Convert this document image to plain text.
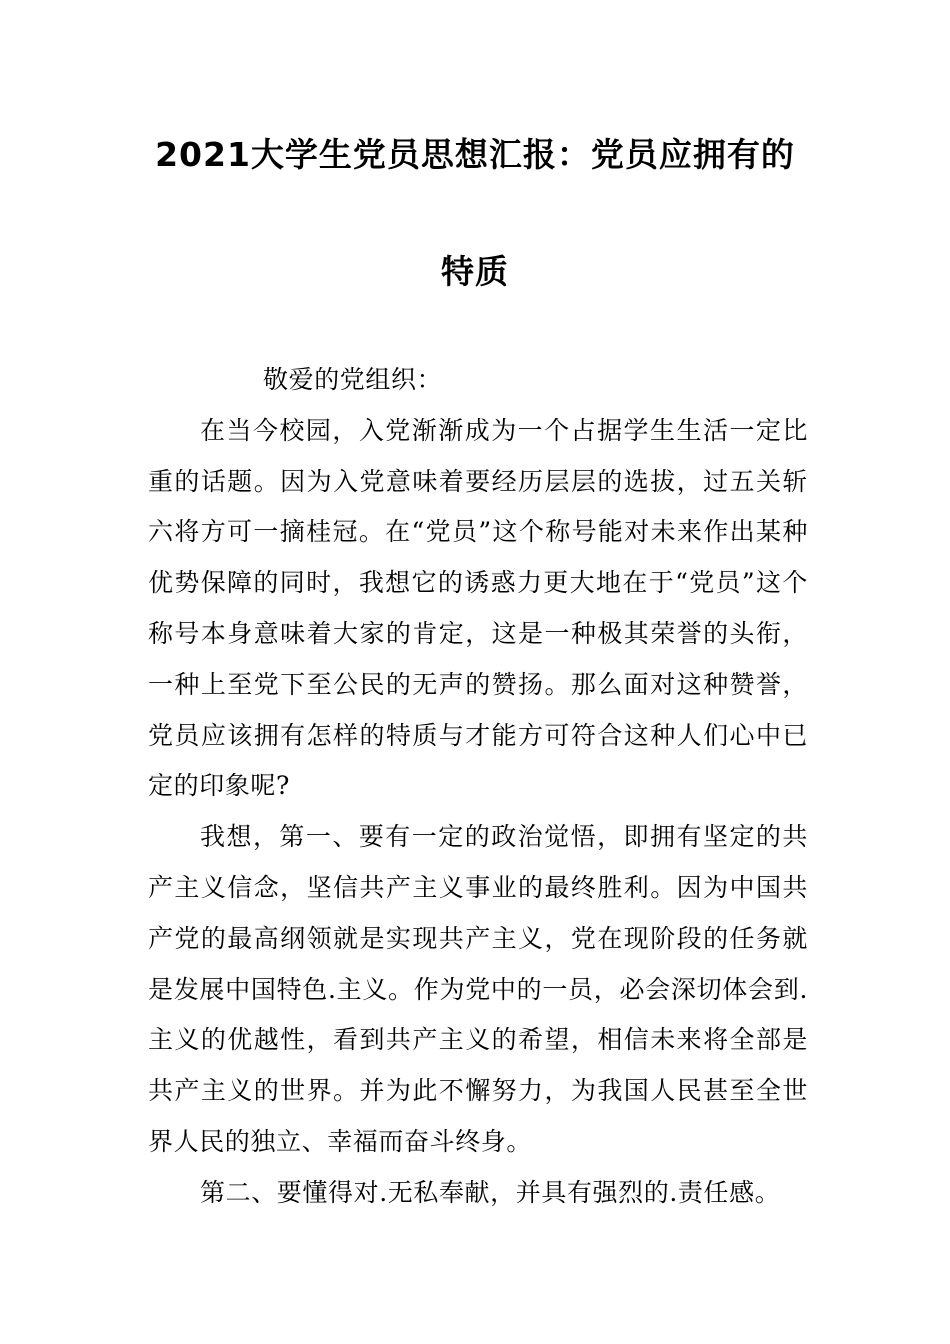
2021大学生党员思想汇报：党员应拥有的
特质

敬爱的党组织：

在当今校园，入党渐渐成为一个占据学生生活一定比重的话题。因为入党意味着要经历层层的选拔，过五关斩六将方可一摘桂冠。在“党员”这个称号能对未来作出某种优势保障的同时，我想它的诱惑力更大地在于“党员”这个称号本身意味着大家的肯定，这是一种极其荣誉的头衔，一种上至党下至公民的无声的赞扬。那么面对这种赞誉，党员应该拥有怎样的特质与才能方可符合这种人们心中已定的印象呢?

我想，第一、要有一定的政治觉悟，即拥有坚定的共产主义信念，坚信共产主义事业的最终胜利。因为中国共产党的最高纲领就是实现共产主义，党在现阶段的任务就是发展中国特色.主义。作为党中的一员，必会深切体会到.主义的优越性，看到共产主义的希望，相信未来将全部是共产主义的世界。并为此不懈努力，为我国人民甚至全世界人民的独立、幸福而奋斗终身。

第二、要懂得对.无私奉献，并具有强烈的.责任感。
